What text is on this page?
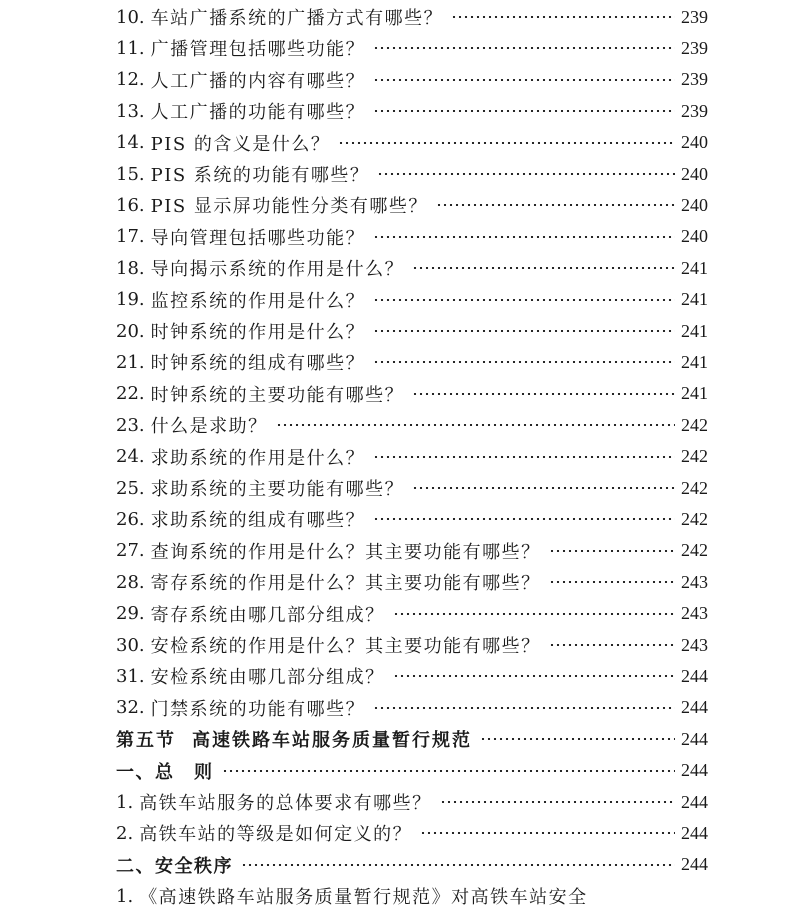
10. 车站广播系统的广播方式有哪些？	239
11. 广播管理包括哪些功能？	239
12. 人工广播的内容有哪些？	239
13. 人工广播的功能有哪些？	239
14. PIS 的含义是什么？	240
15. PIS 系统的功能有哪些？	240
16. PIS 显示屏功能性分类有哪些？	240
17. 导向管理包括哪些功能？	240
18. 导向揭示系统的作用是什么？	241
19. 监控系统的作用是什么？	241
20. 时钟系统的作用是什么？	241
21. 时钟系统的组成有哪些？	241
22. 时钟系统的主要功能有哪些？	241
23. 什么是求助？	242
24. 求助系统的作用是什么？	242
25. 求助系统的主要功能有哪些？	242
26. 求助系统的组成有哪些？	242
27. 查询系统的作用是什么？其主要功能有哪些？	242
28. 寄存系统的作用是什么？其主要功能有哪些？	243
29. 寄存系统由哪几部分组成？	243
30. 安检系统的作用是什么？其主要功能有哪些？	243
31. 安检系统由哪几部分组成？	244
32. 门禁系统的功能有哪些？	244
第五节 高速铁路车站服务质量暂行规范	244
一、总　则	244
1. 高铁车站服务的总体要求有哪些？	244
2. 高铁车站的等级是如何定义的？	244
二、安全秩序	244
1. 《高速铁路车站服务质量暂行规范》对高铁车站安全
